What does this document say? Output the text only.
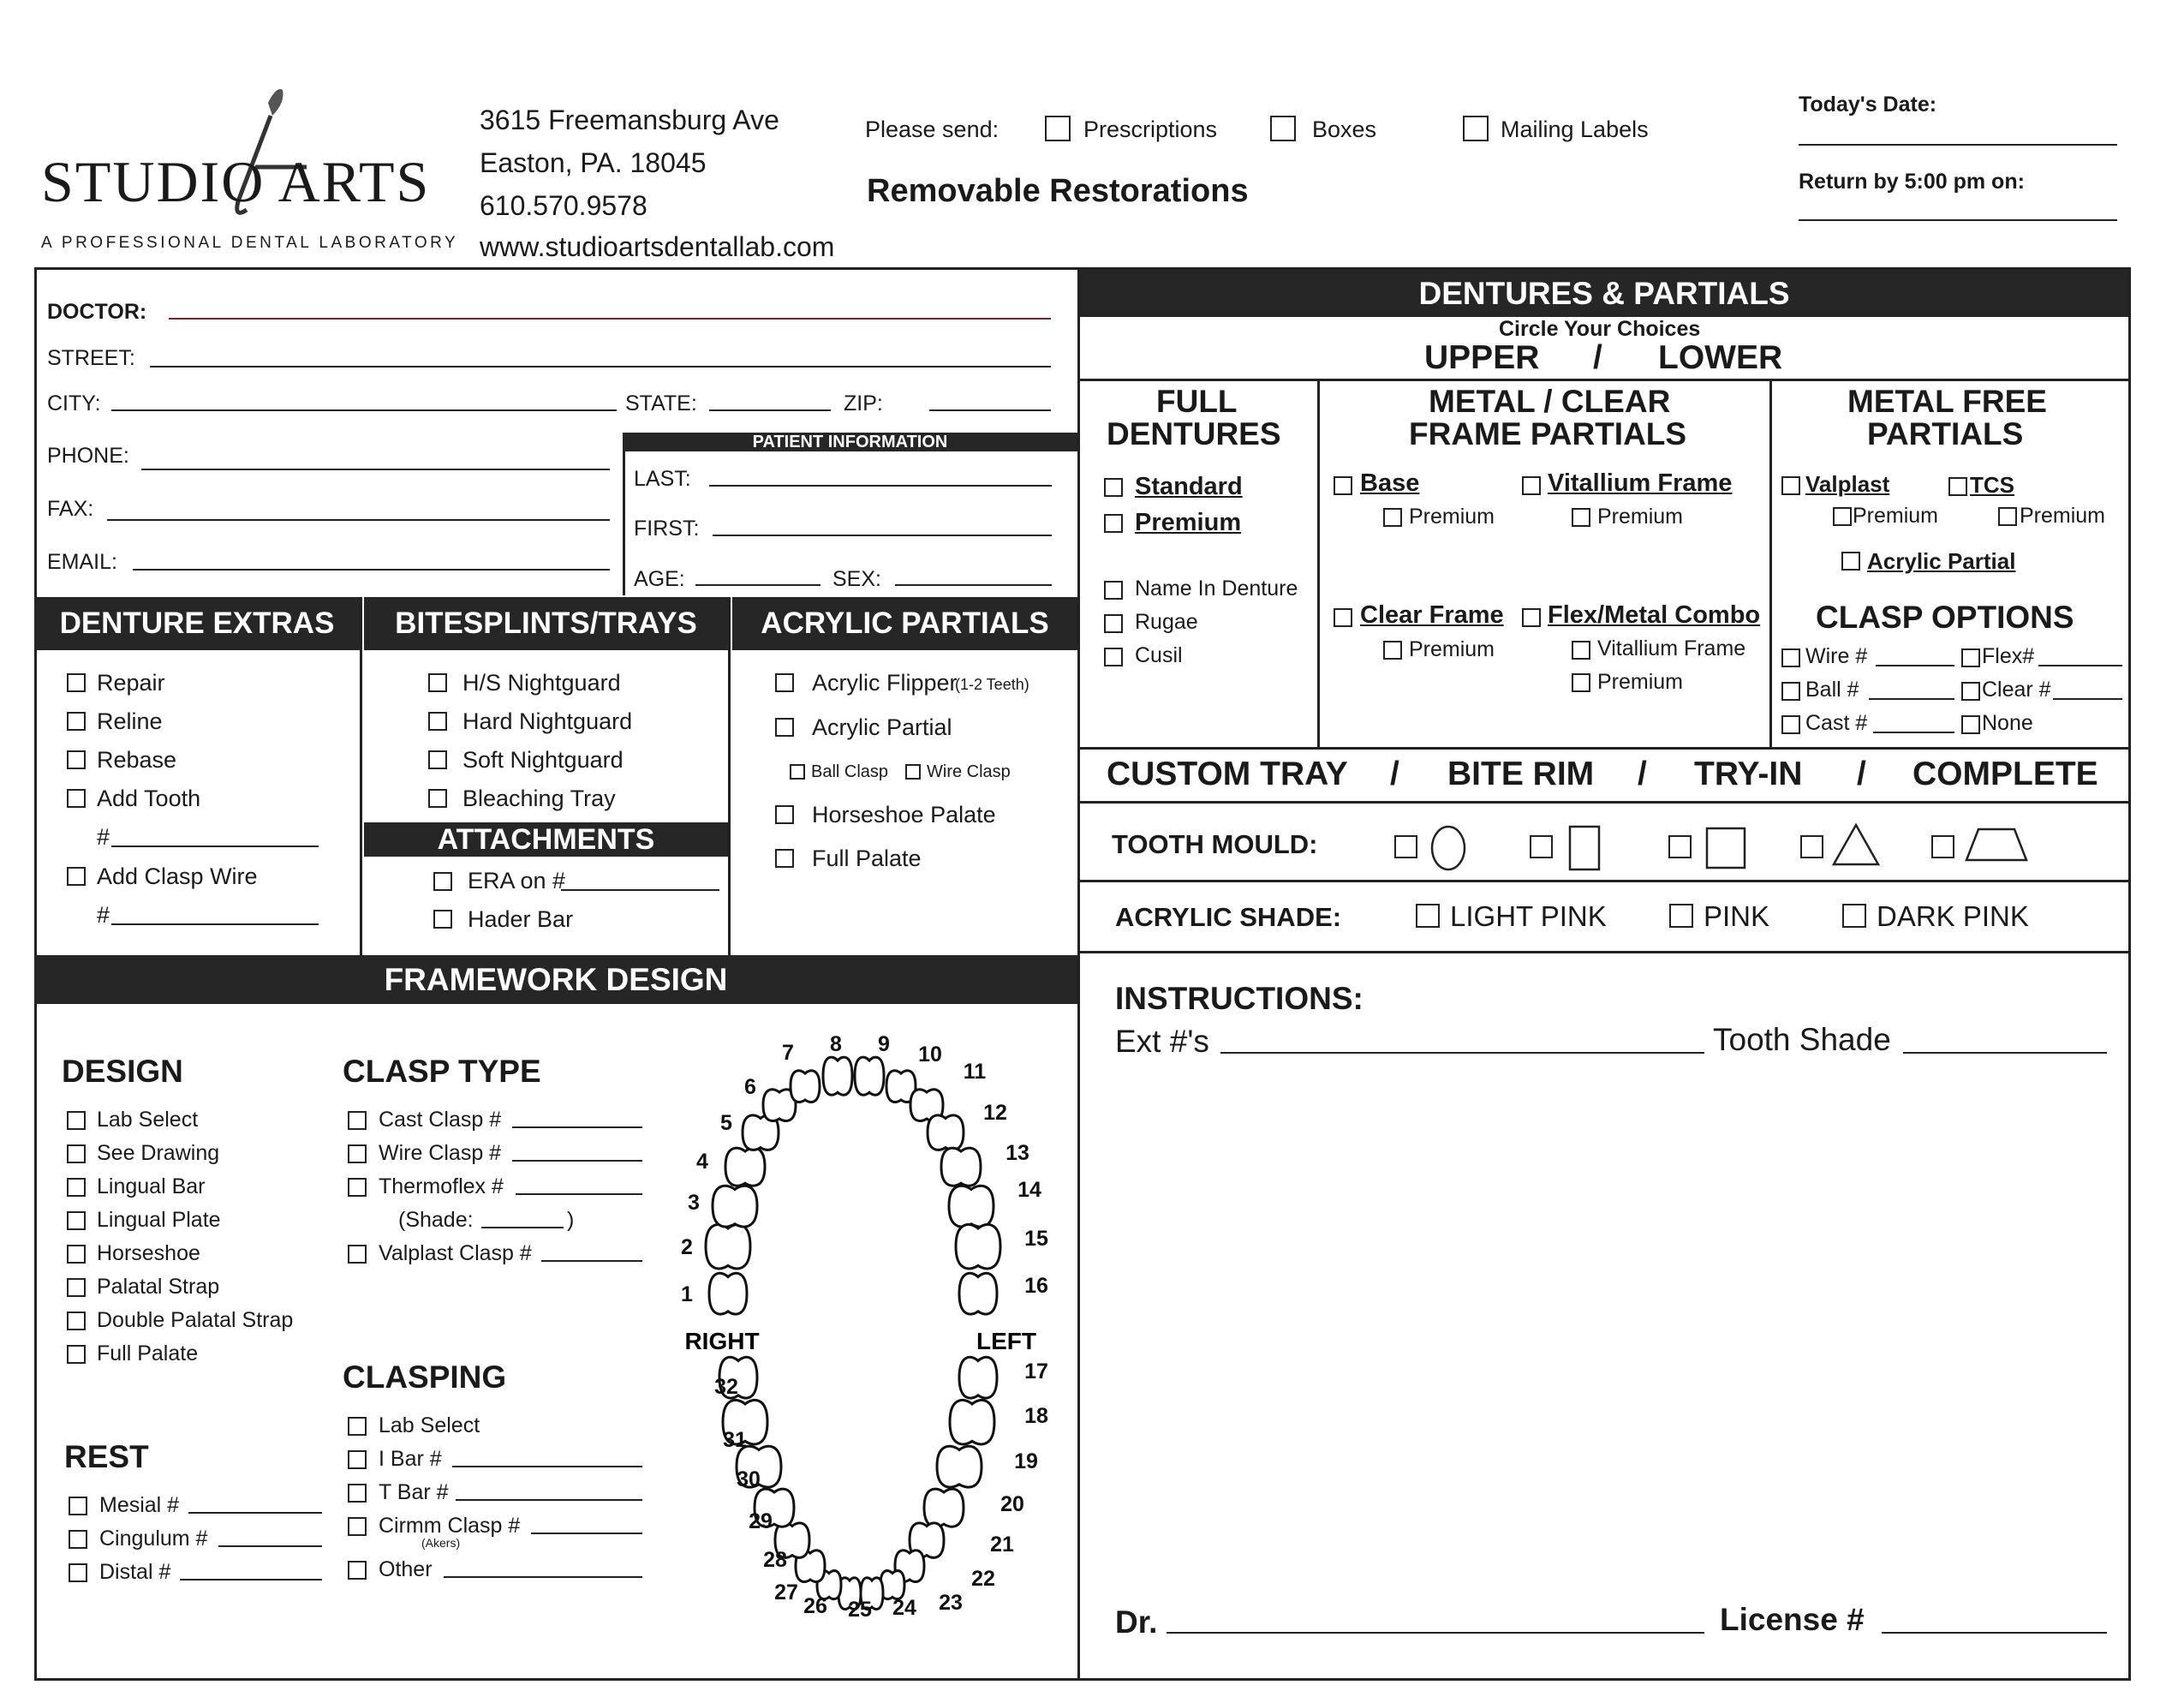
STUDIO ARTS
A PROFESSIONAL DENTAL LABORATORY
3615 Freemansburg Ave
Easton, PA. 18045
610.570.9578
www.studioartsdentallab.com
Please send:	Prescriptions	Boxes	Mailing Labels
Removable Restorations
Today's Date:
Return by 5:00 pm on:
DOCTOR:
STREET:
CITY:	STATE:	ZIP:
PHONE:
FAX:
EMAIL:
PATIENT INFORMATION
LAST:
FIRST:
AGE:	SEX:
DENTURE EXTRAS	BITESPLINTS/TRAYS	ACRYLIC PARTIALS
Repair
Reline
Rebase
Add Tooth
#
Add Clasp Wire
#
H/S Nightguard
Hard Nightguard
Soft Nightguard
Bleaching Tray
ATTACHMENTS
ERA on #
Hader Bar
Acrylic Flipper
(1-2 Teeth)
Acrylic Partial
Ball Clasp Wire Clasp
Horseshoe Palate
Full Palate
FRAMEWORK DESIGN
DESIGN
Lab Select
See Drawing
Lingual Bar
Lingual Plate
Horseshoe
Palatal Strap
Double Palatal Strap
Full Palate
REST
Mesial #
Cingulum #
Distal #
CLASP TYPE
Cast Clasp #
Wire Clasp #
Thermoflex #
(Shade:	)
Valplast Clasp #
CLASPING
Lab Select
I Bar #
T Bar #
Cirmm Clasp #
(Akers)
Other
1
2
3
4
5
6
7 8 9 10
11
12
13
14
15
16
17
18
19
20
21
22
23
24
25
26
27
28
29
30
31
32
RIGHT	LEFT
DENTURES & PARTIALS
Circle Your Choices
UPPER / LOWER
FULL
DENTURES
Standard
Premium
Name In Denture
Rugae
Cusil
METAL / CLEAR
FRAME PARTIALS
Base
Premium
Vitallium Frame
Premium
Clear Frame
Premium
Flex/Metal Combo
Vitallium Frame
Premium
METAL FREE
PARTIALS
Valplast
Premium
TCS
Premium
Acrylic Partial
CLASP OPTIONS
Wire #	Flex#
Ball #	Clear #
Cast #	None
CUSTOM TRAY / BITE RIM / TRY-IN / COMPLETE
TOOTH MOULD:
ACRYLIC SHADE:	LIGHT PINK	PINK	DARK PINK
INSTRUCTIONS:
Ext #'s	Tooth Shade
Dr.	License #
